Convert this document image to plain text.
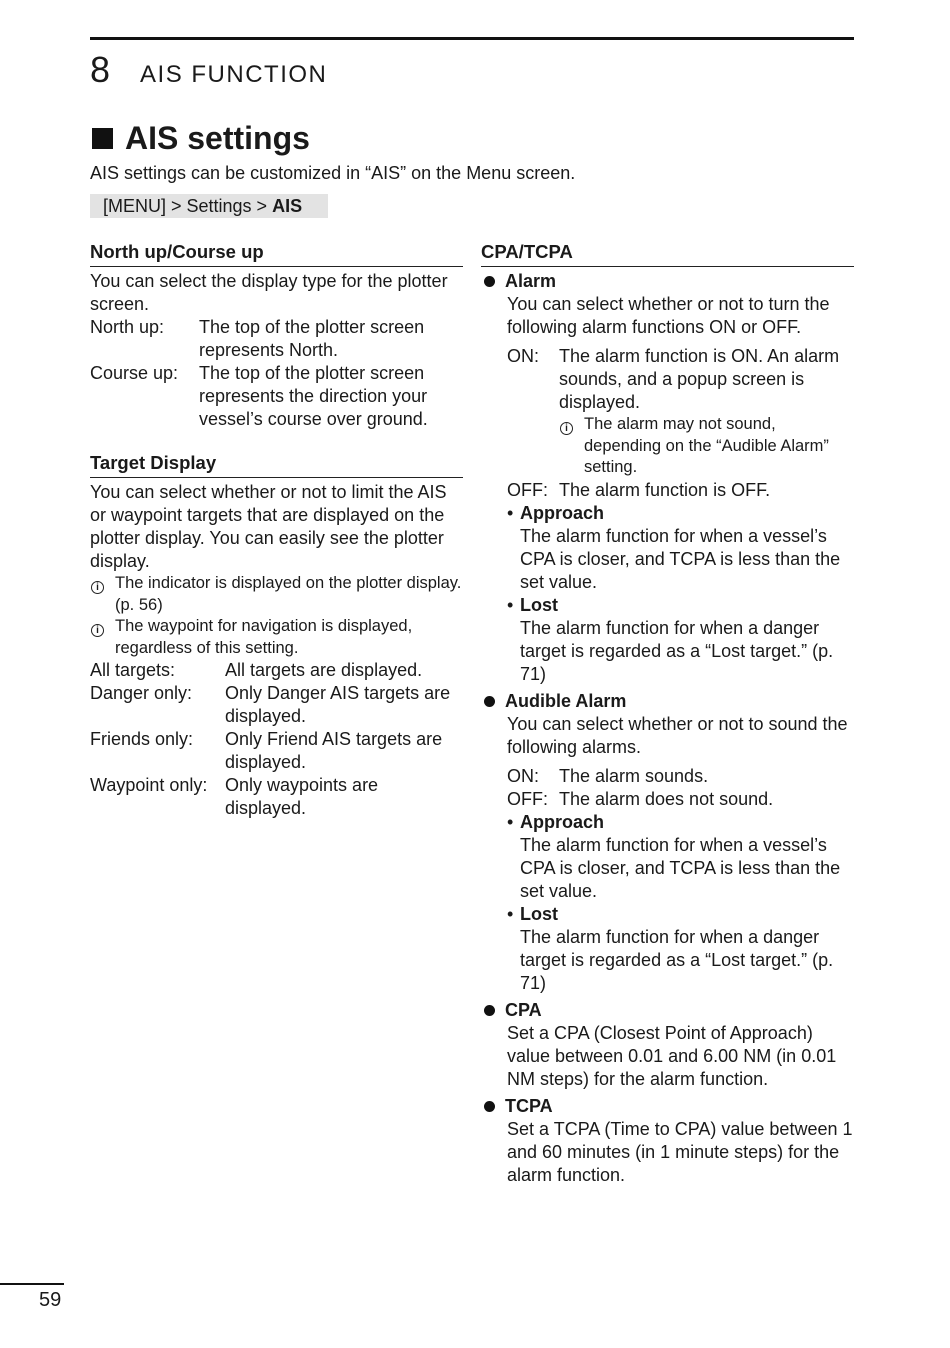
8 AIS FUNCTION
AIS settings
AIS settings can be customized in “AIS” on the Menu screen.
[MENU] > Settings > AIS
North up/Course up
You can select the display type for the plotter screen.
North up:	The top of the plotter screen represents North.
Course up:	The top of the plotter screen represents the direction your vessel’s course over ground.
Target Display
You can select whether or not to limit the AIS or waypoint targets that are displayed on the plotter display. You can easily see the plotter display.
i The indicator is displayed on the plotter display. (p. 56)
i The waypoint for navigation is displayed, regardless of this setting.
All targets:	All targets are displayed.
Danger only:	Only Danger AIS targets are displayed.
Friends only:	Only Friend AIS targets are displayed.
Waypoint only: Only waypoints are displayed.
CPA/TCPA
Alarm
You can select whether or not to turn the following alarm functions ON or OFF.
ON:	The alarm function is ON. An alarm sounds, and a popup screen is displayed.
i The alarm may not sound, depending on the “Audible Alarm” setting.
OFF: The alarm function is OFF.
• Approach
The alarm function for when a vessel’s CPA is closer, and TCPA is less than the set value.
• Lost
The alarm function for when a danger target is regarded as a “Lost target.” (p. 71)
Audible Alarm
You can select whether or not to sound the following alarms.
ON:	The alarm sounds.
OFF: The alarm does not sound.
• Approach
The alarm function for when a vessel’s CPA is closer, and TCPA is less than the set value.
• Lost
The alarm function for when a danger target is regarded as a “Lost target.” (p. 71)
CPA
Set a CPA (Closest Point of Approach) value between 0.01 and 6.00 NM (in 0.01 NM steps) for the alarm function.
TCPA
Set a TCPA (Time to CPA) value between 1 and 60 minutes (in 1 minute steps) for the alarm function.
59
